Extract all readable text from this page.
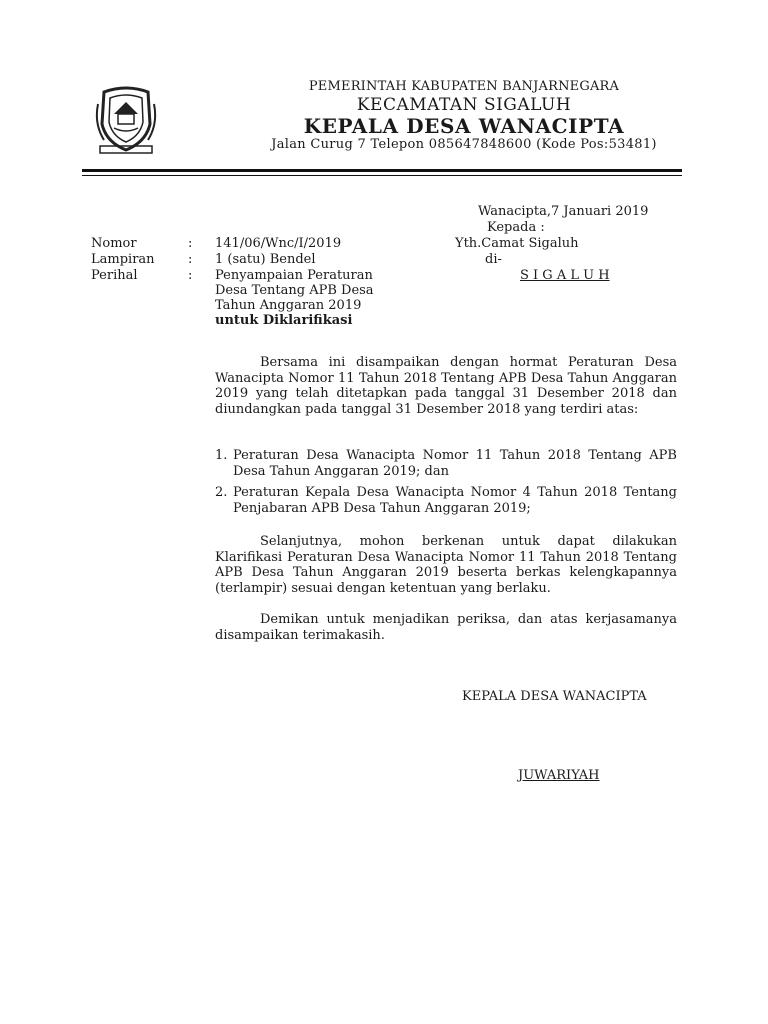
PEMERINTAH KABUPATEN BANJARNEGARA
KECAMATAN SIGALUH
KEPALA DESA WANACIPTA
Jalan Curug 7 Telepon 085647848600 (Kode Pos:53481)
Wanacipta,7 Januari 2019
Kepada :
Yth.Camat Sigaluh
di-
S I G A L U H
Nomor	: 141/06/Wnc/I/2019
Lampiran	: 1 (satu) Bendel
Perihal	: Penyampaian Peraturan
Desa Tentang APB Desa
Tahun Anggaran 2019
untuk Diklarifikasi
Bersama ini disampaikan dengan hormat Peraturan Desa Wanacipta Nomor 11 Tahun 2018 Tentang APB Desa Tahun Anggaran 2019 yang telah ditetapkan pada tanggal 31 Desember 2018 dan diundangkan pada tanggal 31 Desember 2018 yang terdiri atas:
1. Peraturan Desa Wanacipta Nomor 11 Tahun 2018 Tentang APB Desa Tahun Anggaran 2019; dan
2. Peraturan Kepala Desa Wanacipta Nomor 4 Tahun 2018 Tentang Penjabaran APB Desa Tahun Anggaran 2019;
Selanjutnya, mohon berkenan untuk dapat dilakukan Klarifikasi Peraturan Desa Wanacipta Nomor 11 Tahun 2018 Tentang APB Desa Tahun Anggaran 2019 beserta berkas kelengkapannya (terlampir) sesuai dengan ketentuan yang berlaku.
Demikan untuk menjadikan periksa, dan atas kerjasamanya disampaikan terimakasih.
KEPALA DESA WANACIPTA
JUWARIYAH
